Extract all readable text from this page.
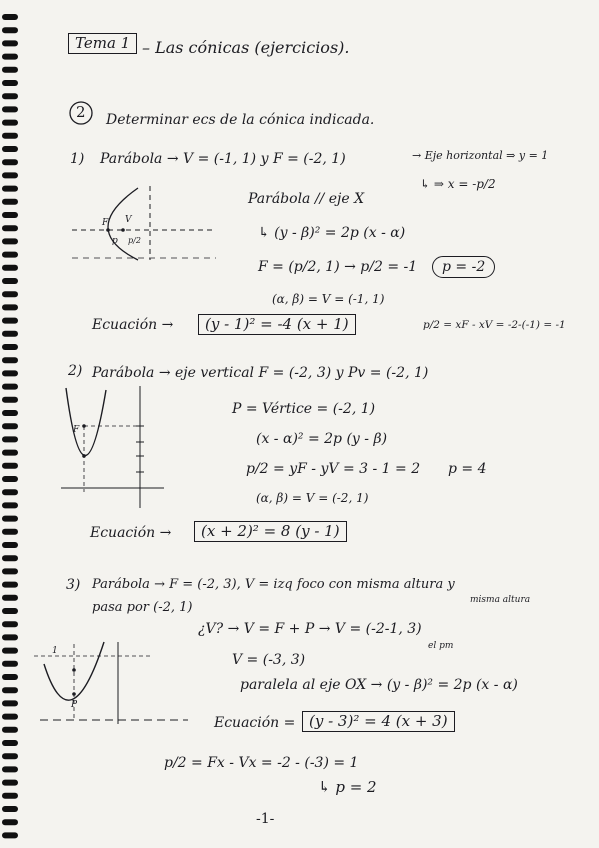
Tema 1 – Las cónicas (ejercicios).
2 Determinar ecs de la cónica indicada.
1) Parábola → V = (-1, 1) y F = (-2, 1)	→ Eje horizontal ⇒ y = 1
↳ ⇒ x = -p/2
F V
p p/2
Parábola // eje X
↳ (y - β)² = 2p (x - α)
F = (p/2, 1) → p/2 = -1	p = -2
(α, β) = V = (-1, 1)
p/2 = xF - xV = -2-(-1) = -1
Ecuación →	(y - 1)² = -4 (x + 1)
2) Parábola → eje vertical F = (-2, 3) y Pv = (-2, 1)
F
P = Vértice = (-2, 1)
(x - α)² = 2p (y - β)
p/2 = yF - yV = 3 - 1 = 2 p = 4
(α, β) = V = (-2, 1)
Ecuación →	(x + 2)² = 8 (y - 1)
3) Parábola → F = (-2, 3), V = izq foco con misma altura y
pasa por (-2, 1)	misma altura
¿V? → V = F + P → V = (-2-1, 3)
el pm
P
1
V = (-3, 3)
paralela al eje OX → (y - β)² = 2p (x - α)
Ecuación = (y - 3)² = 4 (x + 3)
p/2 = Fx - Vx = -2 - (-3) = 1
↳ p = 2
-1-
